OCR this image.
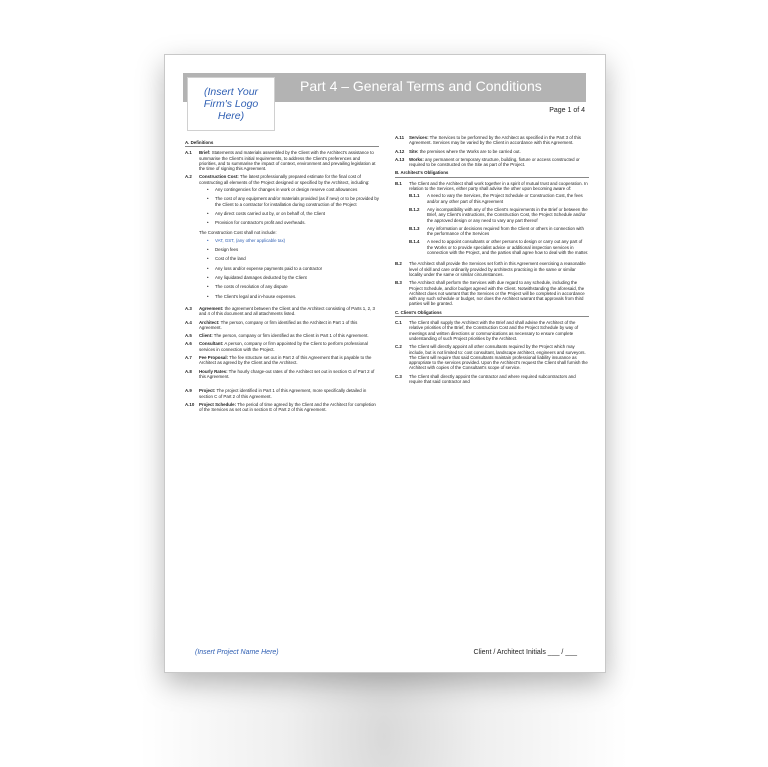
(Insert Your
Firm's Logo
Here)
Part 4 – General Terms and Conditions
Page 1 of 4
A. Definitions
A.1	Brief: Statements and materials assembled by the Client with the Architect's assistance to summarise the Client's initial requirements, to address the Client's preferences and priorities, and to summarise the impact of context, environment and prevailing legislation at the time of signing this Agreement.
A.2	Construction Cost: The latest professionally prepared estimate for the final cost of constructing all elements of the Project designed or specified by the Architect, including:
•	Any contingencies for changes in work or design reserve cost allowances
•	The cost of any equipment and/or materials provided (as if new) or to be provided by the Client to a contractor for installation during construction of the Project
•	Any direct costs carried out by, or on behalf of, the Client
•	Provision for contractor's profit and overheads.
The Construction Cost shall not include:
•	VAT, GST, (any other applicable tax)
•	Design fees
•	Cost of the land
•	Any loss and/or expense payments paid to a contractor
•	Any liquidated damages deducted by the Client
•	The costs of resolution of any dispute
•	The Client's legal and in-house expenses.
A.3	Agreement: the agreement between the Client and the Architect consisting of Parts 1, 2, 3 and 4 of this document and all attachments listed.
A.4	Architect: The person, company or firm identified as the Architect in Part 1 of this Agreement.
A.5	Client: The person, company or firm identified as the Client in Part 1 of this Agreement.
A.6	Consultant: A person, company or firm appointed by the Client to perform professional services in connection with the Project.
A.7	Fee Proposal: The fee structure set out in Part 2 of this Agreement that is payable to the Architect as agreed by the Client and the Architect.
A.8	Hourly Rates: The hourly charge-out rates of the Architect set out in section G of Part 2 of this Agreement.
A.9	Project: The project identified in Part 1 of this Agreement, more specifically detailed in section C of Part 2 of this Agreement.
A.10	Project Schedule: The period of time agreed by the Client and the Architect for completion of the Services as set out in section E of Part 2 of this Agreement.
A.11	Services: The Services to be performed by the Architect as specified in the Part 3 of this Agreement. Services may be varied by the Client in accordance with this Agreement.
A.12	Site: the premises where the Works are to be carried out.
A.13	Works: any permanent or temporary structure, building, fixture or access constructed or required to be constructed on the Site as part of the Project.
B. Architect's Obligations
B.1	The Client and the Architect shall work together in a spirit of mutual trust and cooperation. In relation to the Services, either party shall advise the other upon becoming aware of:
B.1.1	A need to vary the Services, the Project Schedule or Construction Cost, the fees and/or any other part of this Agreement
B.1.2	Any incompatibility with any of the Client's requirements in the Brief or between the Brief, any Client's instructions, the Construction Cost, the Project Schedule and/or the approved design or any need to vary any part thereof
B.1.3	Any information or decisions required from the Client or others in connection with the performance of the Services
B.1.4	A need to appoint consultants or other persons to design or carry out any part of the Works or to provide specialist advice or additional inspection services in connection with the Project, and the parties shall agree how to deal with the matter.
B.2	The Architect shall provide the Services set forth in this Agreement exercising a reasonable level of skill and care ordinarily provided by architects practicing in the same or similar locality under the same or similar circumstances.
B.3	The Architect shall perform the Services with due regard to any schedule, including the Project Schedule, and/or budget agreed with the Client. Notwithstanding the aforesaid, the Architect does not warrant that the Services or the Project will be completed in accordance with any such schedule or budget, nor does the Architect warrant that approvals from third parties will be granted.
C. Client's Obligations
C.1	The Client shall supply the Architect with the Brief and shall advise the Architect of the relative priorities of the Brief, the Construction Cost and the Project Schedule by way of meetings and written directions or communications as necessary to ensure complete understanding of such Project priorities by the Architect.
C.2	The Client will directly appoint all other consultants required by the Project which may include, but is not limited to: cost consultant, landscape architect, engineers and surveyors. The Client will require that said Consultants maintain professional liability insurance as appropriate to the services provided. Upon the Architect's request the Client shall furnish the Architect with copies of the Consultant's scope of service.
C.3	The Client shall directly appoint the contractor and where required subcontractors and require that said contractor and
(Insert Project Name Here)	Client / Architect Initials ___ / ___
